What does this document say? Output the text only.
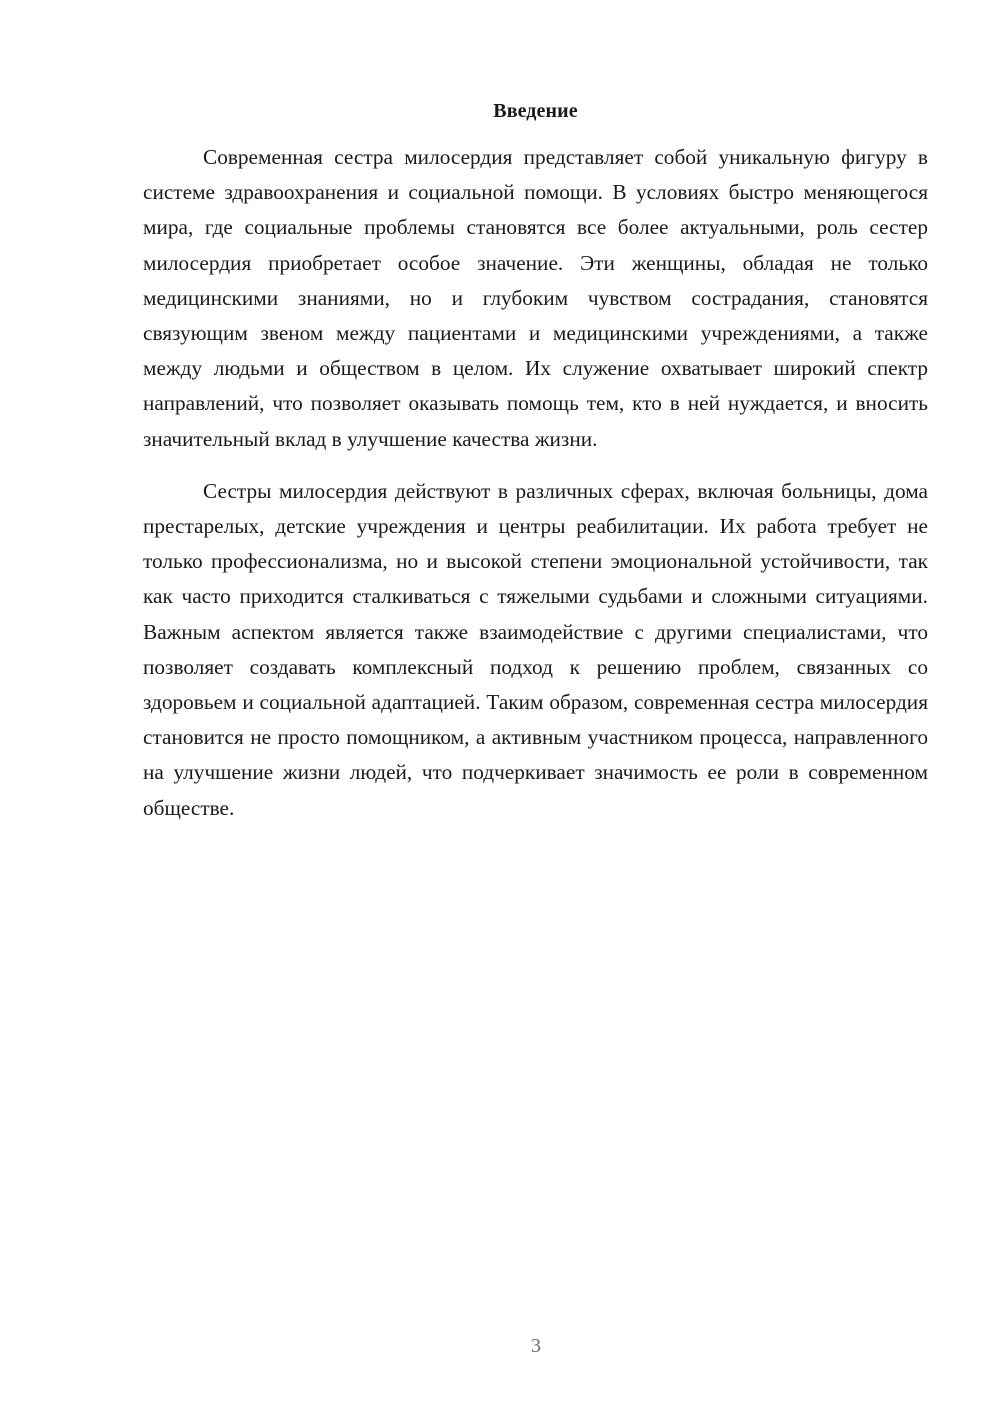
Введение

Современная сестра милосердия представляет собой уникальную фигуру в системе здравоохранения и социальной помощи. В условиях быстро меняющегося мира, где социальные проблемы становятся все более актуальными, роль сестер милосердия приобретает особое значение. Эти женщины, обладая не только медицинскими знаниями, но и глубоким чувством сострадания, становятся связующим звеном между пациентами и медицинскими учреждениями, а также между людьми и обществом в целом. Их служение охватывает широкий спектр направлений, что позволяет оказывать помощь тем, кто в ней нуждается, и вносить значительный вклад в улучшение качества жизни.

Сестры милосердия действуют в различных сферах, включая больницы, дома престарелых, детские учреждения и центры реабилитации. Их работа требует не только профессионализма, но и высокой степени эмоциональной устойчивости, так как часто приходится сталкиваться с тяжелыми судьбами и сложными ситуациями. Важным аспектом является также взаимодействие с другими специалистами, что позволяет создавать комплексный подход к решению проблем, связанных со здоровьем и социальной адаптацией. Таким образом, современная сестра милосердия становится не просто помощником, а активным участником процесса, направленного на улучшение жизни людей, что подчеркивает значимость ее роли в современном обществе.

3
